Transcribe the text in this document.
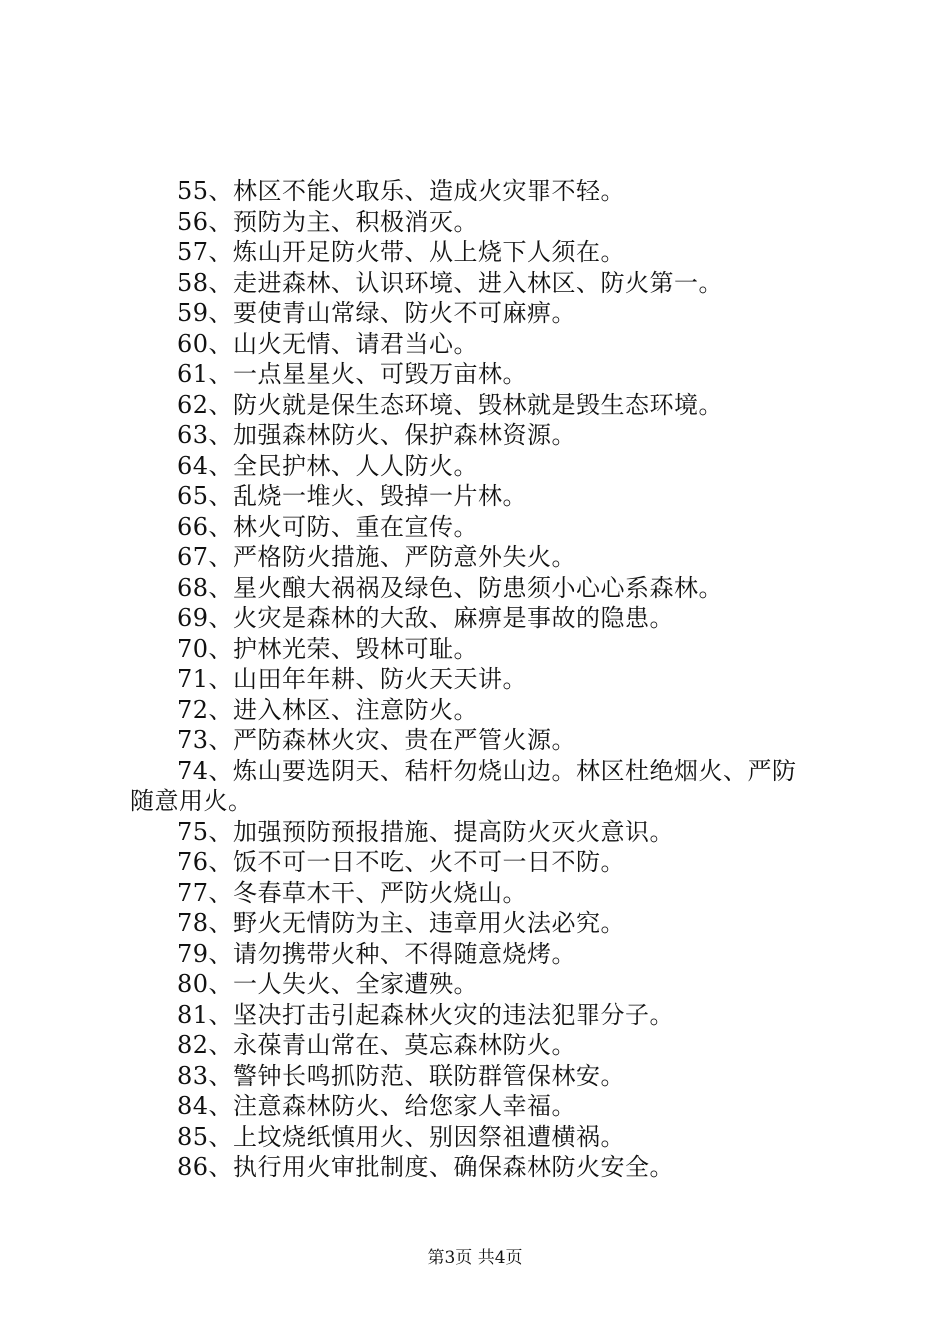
55、林区不能火取乐、造成火灾罪不轻。
56、预防为主、积极消灭。
57、炼山开足防火带、从上烧下人须在。
58、走进森林、认识环境、进入林区、防火第一。
59、要使青山常绿、防火不可麻痹。
60、山火无情、请君当心。
61、一点星星火、可毁万亩林。
62、防火就是保生态环境、毁林就是毁生态环境。
63、加强森林防火、保护森林资源。
64、全民护林、人人防火。
65、乱烧一堆火、毁掉一片林。
66、林火可防、重在宣传。
67、严格防火措施、严防意外失火。
68、星火酿大祸祸及绿色、防患须小心心系森林。
69、火灾是森林的大敌、麻痹是事故的隐患。
70、护林光荣、毁林可耻。
71、山田年年耕、防火天天讲。
72、进入林区、注意防火。
73、严防森林火灾、贵在严管火源。
74、炼山要选阴天、秸杆勿烧山边。林区杜绝烟火、严防
随意用火。
75、加强预防预报措施、提高防火灭火意识。
76、饭不可一日不吃、火不可一日不防。
77、冬春草木干、严防火烧山。
78、野火无情防为主、违章用火法必究。
79、请勿携带火种、不得随意烧烤。
80、一人失火、全家遭殃。
81、坚决打击引起森林火灾的违法犯罪分子。
82、永葆青山常在、莫忘森林防火。
83、警钟长鸣抓防范、联防群管保林安。
84、注意森林防火、给您家人幸福。
85、上坟烧纸慎用火、别因祭祖遭横祸。
86、执行用火审批制度、确保森林防火安全。
第3页 共4页
